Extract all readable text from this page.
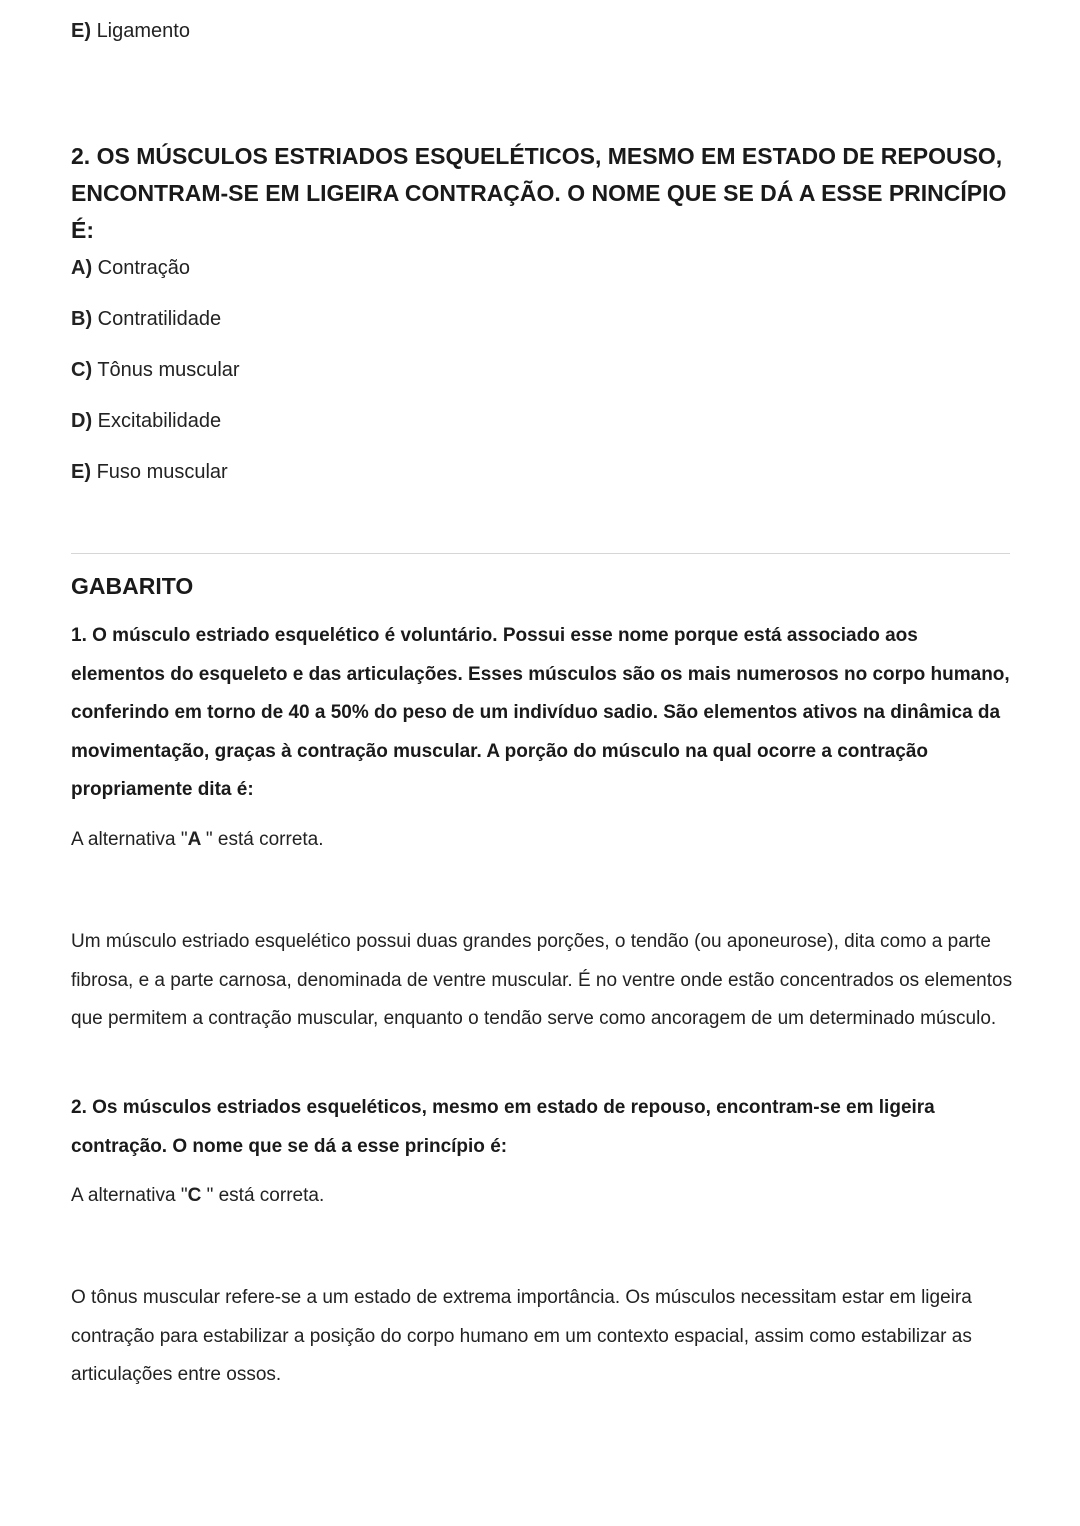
E) Ligamento

2. OS MÚSCULOS ESTRIADOS ESQUELÉTICOS, MESMO EM ESTADO DE REPOUSO, ENCONTRAM-SE EM LIGEIRA CONTRAÇÃO. O NOME QUE SE DÁ A ESSE PRINCÍPIO É:

A) Contração

B) Contratilidade

C) Tônus muscular

D) Excitabilidade

E) Fuso muscular

GABARITO

1. O músculo estriado esquelético é voluntário. Possui esse nome porque está associado aos elementos do esqueleto e das articulações. Esses músculos são os mais numerosos no corpo humano, conferindo em torno de 40 a 50% do peso de um indivíduo sadio. São elementos ativos na dinâmica da movimentação, graças à contração muscular. A porção do músculo na qual ocorre a contração propriamente dita é:

A alternativa "A " está correta.

Um músculo estriado esquelético possui duas grandes porções, o tendão (ou aponeurose), dita como a parte fibrosa, e a parte carnosa, denominada de ventre muscular. É no ventre onde estão concentrados os elementos que permitem a contração muscular, enquanto o tendão serve como ancoragem de um determinado músculo.

2. Os músculos estriados esqueléticos, mesmo em estado de repouso, encontram-se em ligeira contração. O nome que se dá a esse princípio é:

A alternativa "C " está correta.

O tônus muscular refere-se a um estado de extrema importância. Os músculos necessitam estar em ligeira contração para estabilizar a posição do corpo humano em um contexto espacial, assim como estabilizar as articulações entre ossos.
